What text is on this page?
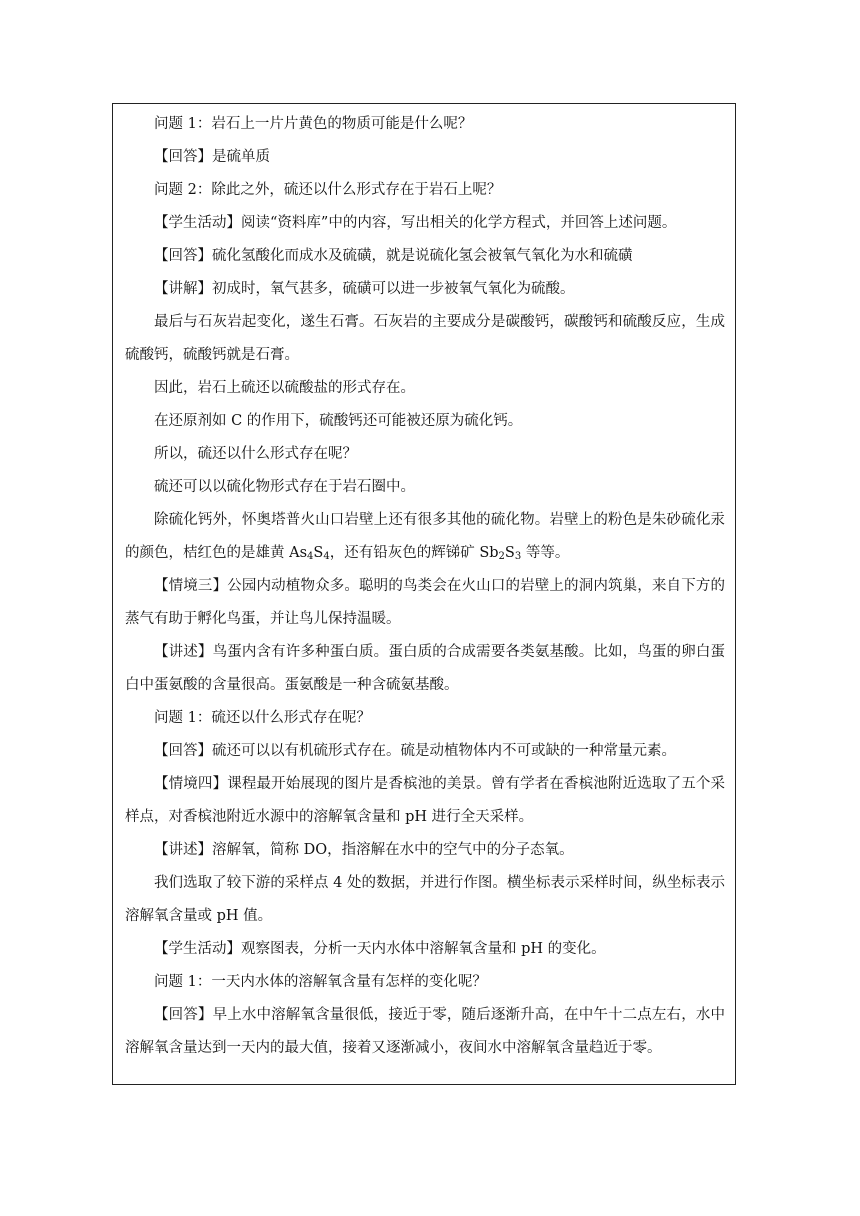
问题 1：岩石上一片片黄色的物质可能是什么呢？

【回答】是硫单质

问题 2：除此之外，硫还以什么形式存在于岩石上呢？

【学生活动】阅读“资料库”中的内容，写出相关的化学方程式，并回答上述问题。

【回答】硫化氢酸化而成水及硫磺，就是说硫化氢会被氧气氧化为水和硫磺

【讲解】初成时，氧气甚多，硫磺可以进一步被氧气氧化为硫酸。

最后与石灰岩起变化，遂生石膏。石灰岩的主要成分是碳酸钙，碳酸钙和硫酸反应，生成硫酸钙，硫酸钙就是石膏。

因此，岩石上硫还以硫酸盐的形式存在。

在还原剂如 C 的作用下，硫酸钙还可能被还原为硫化钙。

所以，硫还以什么形式存在呢？

硫还可以以硫化物形式存在于岩石圈中。

除硫化钙外，怀奥塔普火山口岩壁上还有很多其他的硫化物。岩壁上的粉色是朱砂硫化汞的颜色，桔红色的是雄黄 $As_4S_4$，还有铅灰色的辉锑矿 $Sb_2S_3$ 等等。

【情境三】公园内动植物众多。聪明的鸟类会在火山口的岩壁上的洞内筑巢，来自下方的蒸气有助于孵化鸟蛋，并让鸟儿保持温暖。

【讲述】鸟蛋内含有许多种蛋白质。蛋白质的合成需要各类氨基酸。比如，鸟蛋的卵白蛋白中蛋氨酸的含量很高。蛋氨酸是一种含硫氨基酸。

问题 1：硫还以什么形式存在呢？

【回答】硫还可以以有机硫形式存在。硫是动植物体内不可或缺的一种常量元素。

【情境四】课程最开始展现的图片是香槟池的美景。曾有学者在香槟池附近选取了五个采样点，对香槟池附近水源中的溶解氧含量和 pH 进行全天采样。

【讲述】溶解氧，简称 DO，指溶解在水中的空气中的分子态氧。

我们选取了较下游的采样点 4 处的数据，并进行作图。横坐标表示采样时间，纵坐标表示溶解氧含量或 pH 值。

【学生活动】观察图表，分析一天内水体中溶解氧含量和 pH 的变化。

问题 1：一天内水体的溶解氧含量有怎样的变化呢？

【回答】早上水中溶解氧含量很低，接近于零，随后逐渐升高，在中午十二点左右，水中溶解氧含量达到一天内的最大值，接着又逐渐减小，夜间水中溶解氧含量趋近于零。
